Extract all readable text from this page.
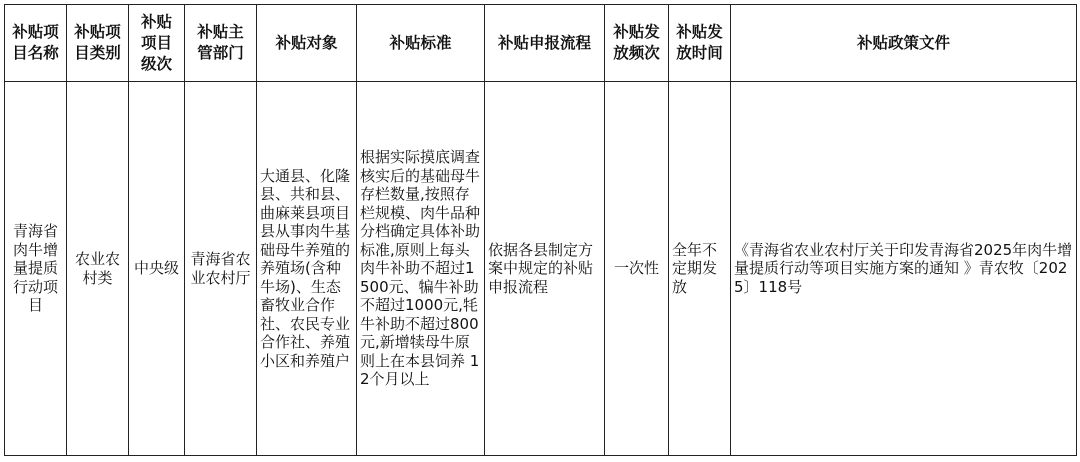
补贴项目名称	补贴项目类别	补贴项目级次	补贴主管部门	补贴对象	补贴标准	补贴申报流程	补贴发放频次	补贴发放时间	补贴政策文件

青海省肉牛增量提质行动项目	农业农村类	中央级	青海省农业农村厅	大通县、化隆县、共和县、曲麻莱县项目县从事肉牛基础母牛养殖的养殖场(含种牛场)、生态畜牧业合作社、农民专业合作社、养殖小区和养殖户	根据实际摸底调查核实后的基础母牛存栏数量,按照存栏规模、肉牛品种分档确定具体补助标准,原则上每头肉牛补助不超过1500元、犏牛补助不超过1000元,牦牛补助不超过800元,新增犊母牛原则上在本县饲养 12个月以上	依据各县制定方案中规定的补贴申报流程	一次性	全年不定期发放	《青海省农业农村厅关于印发青海省2025年肉牛增量提质行动等项目实施方案的通知 》青农牧〔2025〕118号
